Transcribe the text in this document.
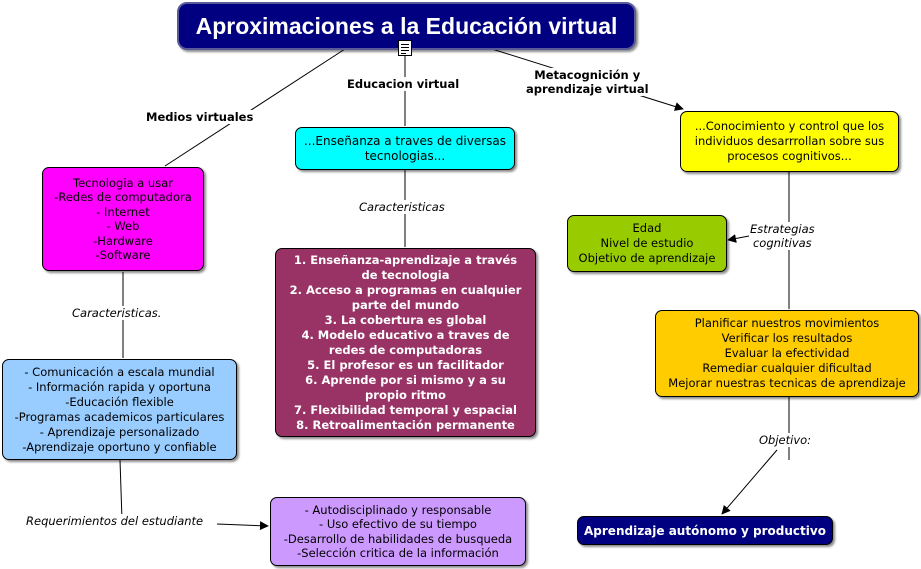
Aproximaciones a la Educación virtual
Medios virtuales
Educacion virtual
Metacognición y
aprendizaje virtual
Caracteristicas
Caracteristicas.
Requerimientos del estudiante
Estrategias
cognitivas
Objetivo:
...Enseñanza a traves de diversas
tecnologias...
Tecnologia a usar
-Redes de computadora
- Internet
- Web
-Hardware
-Software
- Comunicación a escala mundial
- Información rapida y oportuna
-Educación flexible
-Programas academicos particulares
- Aprendizaje personalizado
-Aprendizaje oportuno y confiable
1. Enseñanza-aprendizaje a través
de tecnologia
2. Acceso a programas en cualquier
parte del mundo
3. La cobertura es global
4. Modelo educativo a traves de
redes de computadoras
5. El profesor es un facilitador
6. Aprende por si mismo y a su
propio ritmo
7. Flexibilidad temporal y espacial
8. Retroalimentación permanente
- Autodisciplinado y responsable
- Uso efectivo de su tiempo
-Desarrollo de habilidades de busqueda
-Selección critica de la información
...Conocimiento y control que los
individuos desarrrollan sobre sus
procesos cognitivos...
Edad
Nivel de estudio
Objetivo de aprendizaje
Planificar nuestros movimientos
Verificar los resultados
Evaluar la efectividad
Remediar cualquier dificultad
Mejorar nuestras tecnicas de aprendizaje
Aprendizaje autónomo y productivo
